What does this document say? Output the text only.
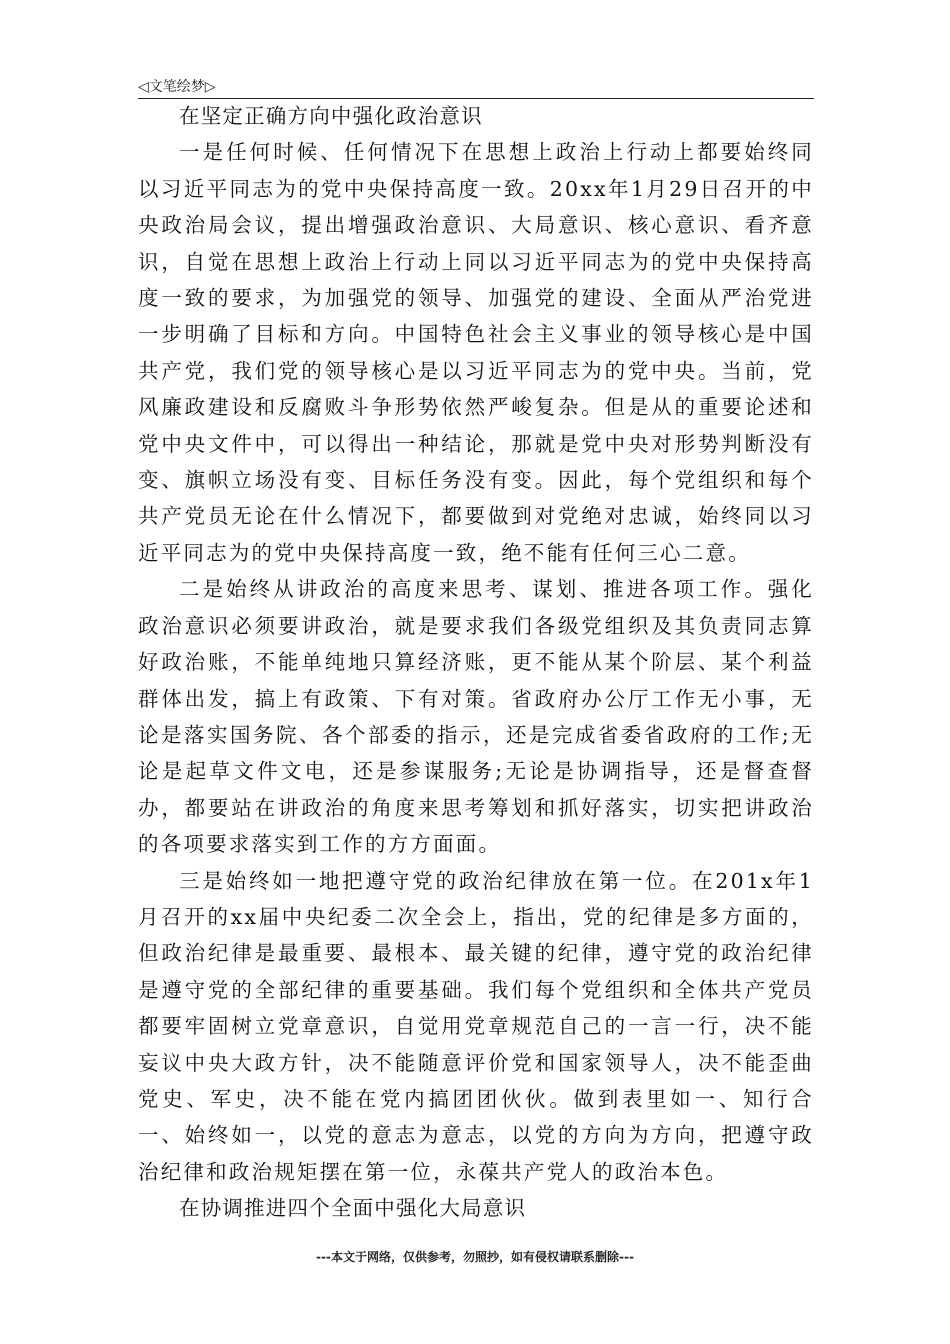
◁文笔绘梦▷

在坚定正确方向中强化政治意识

一是任何时候、任何情况下在思想上政治上行动上都要始终同以习近平同志为的党中央保持高度一致。20xx年1月29日召开的中央政治局会议，提出增强政治意识、大局意识、核心意识、看齐意识，自觉在思想上政治上行动上同以习近平同志为的党中央保持高度一致的要求，为加强党的领导、加强党的建设、全面从严治党进一步明确了目标和方向。中国特色社会主义事业的领导核心是中国共产党，我们党的领导核心是以习近平同志为的党中央。当前，党风廉政建设和反腐败斗争形势依然严峻复杂。但是从的重要论述和党中央文件中，可以得出一种结论，那就是党中央对形势判断没有变、旗帜立场没有变、目标任务没有变。因此，每个党组织和每个共产党员无论在什么情况下，都要做到对党绝对忠诚，始终同以习近平同志为的党中央保持高度一致，绝不能有任何三心二意。

二是始终从讲政治的高度来思考、谋划、推进各项工作。强化政治意识必须要讲政治，就是要求我们各级党组织及其负责同志算好政治账，不能单纯地只算经济账，更不能从某个阶层、某个利益群体出发，搞上有政策、下有对策。省政府办公厅工作无小事，无论是落实国务院、各个部委的指示，还是完成省委省政府的工作;无论是起草文件文电，还是参谋服务;无论是协调指导，还是督查督办，都要站在讲政治的角度来思考筹划和抓好落实，切实把讲政治的各项要求落实到工作的方方面面。

三是始终如一地把遵守党的政治纪律放在第一位。在201x年1月召开的xx届中央纪委二次全会上，指出，党的纪律是多方面的，但政治纪律是最重要、最根本、最关键的纪律，遵守党的政治纪律是遵守党的全部纪律的重要基础。我们每个党组织和全体共产党员都要牢固树立党章意识，自觉用党章规范自己的一言一行，决不能妄议中央大政方针，决不能随意评价党和国家领导人，决不能歪曲党史、军史，决不能在党内搞团团伙伙。做到表里如一、知行合一、始终如一，以党的意志为意志，以党的方向为方向，把遵守政治纪律和政治规矩摆在第一位，永葆共产党人的政治本色。

在协调推进四个全面中强化大局意识

---本文于网络，仅供参考，勿照抄，如有侵权请联系删除---
